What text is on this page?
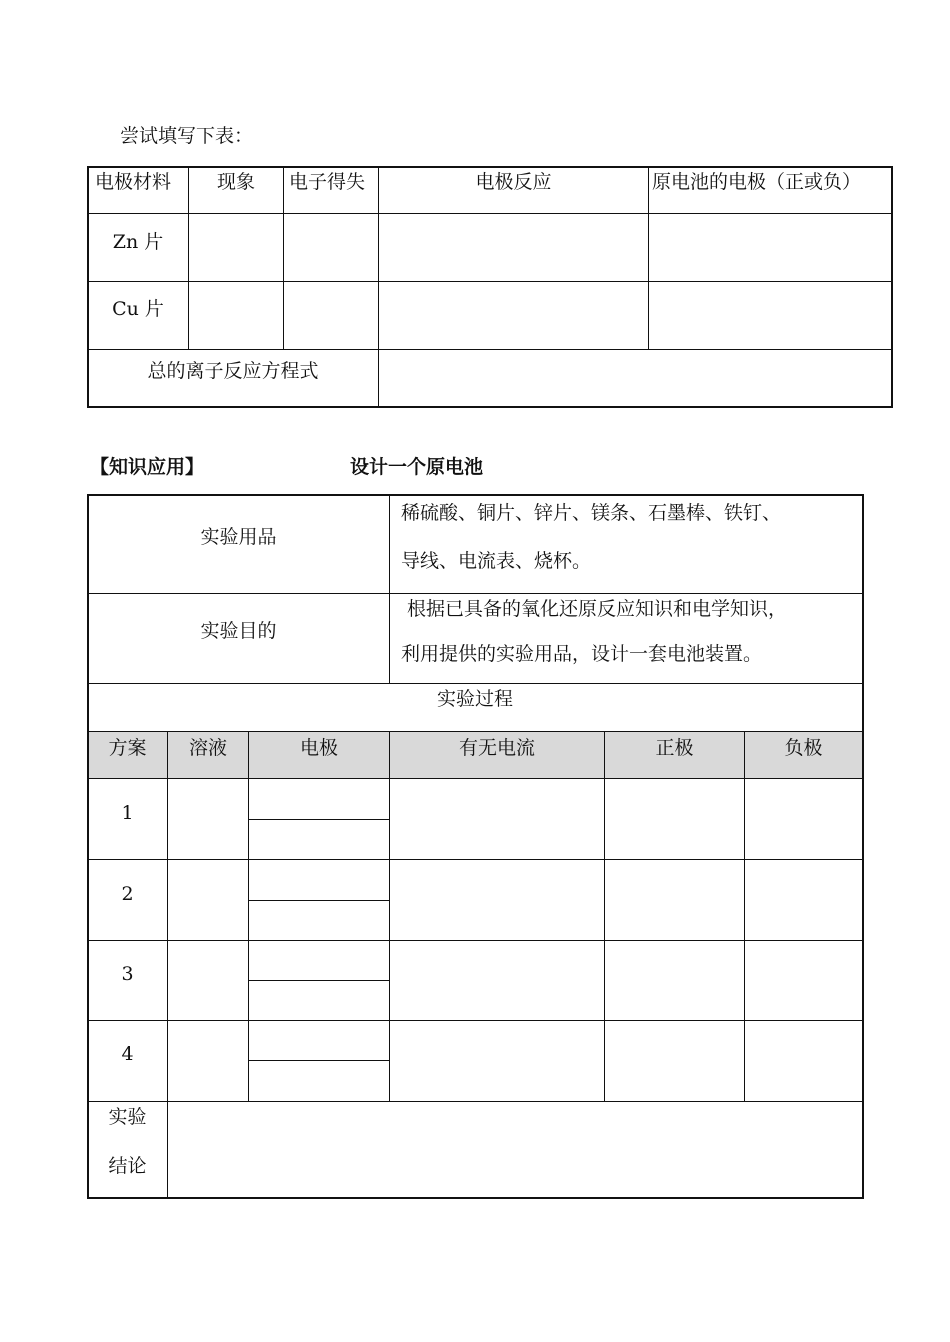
尝试填写下表：
电极材料	现象	电子得失	电极反应	原电池的电极（正或负）
Zn 片
Cu 片
总的离子反应方程式
【知识应用】	设计一个原电池
实验用品
稀硫酸、铜片、锌片、镁条、石墨棒、铁钉、
导线、电流表、烧杯。
实验目的
根据已具备的氧化还原反应知识和电学知识，
利用提供的实验用品，设计一套电池装置。
实验过程
方案	溶液	电极	有无电流	正极	负极
1
2
3
4
实验
结论
